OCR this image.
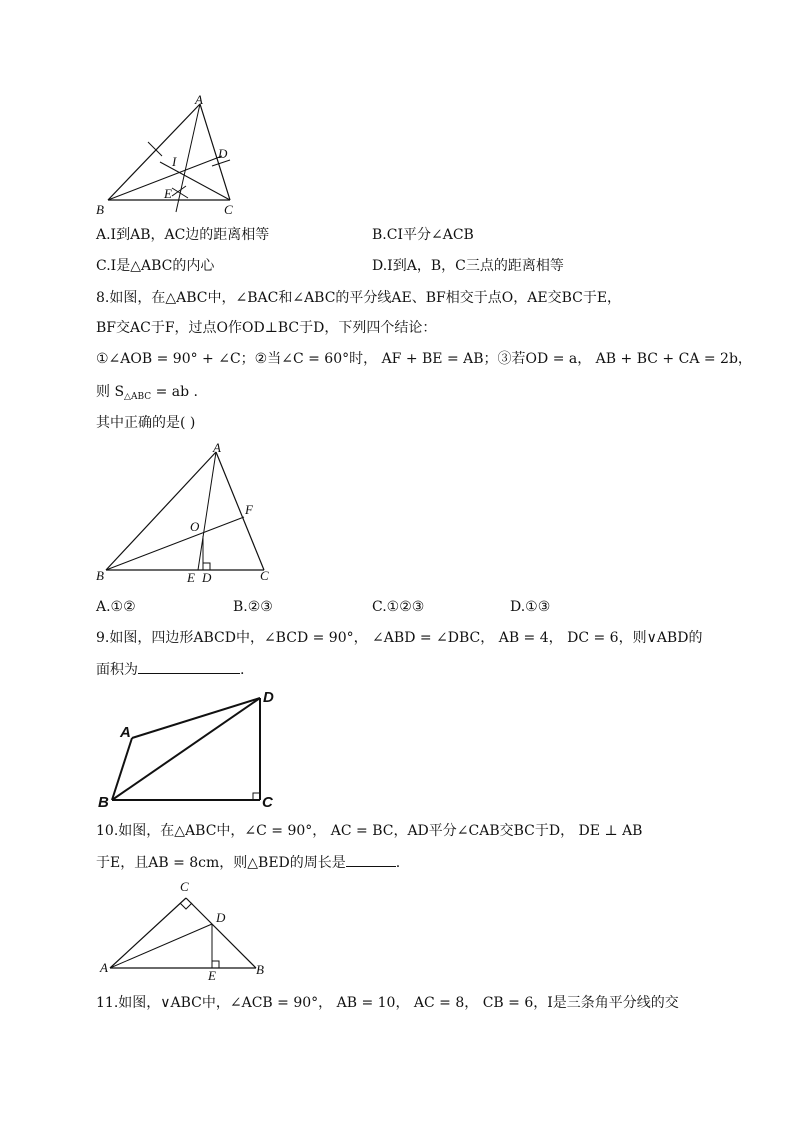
A
B	C
D
E
I
A.I到AB，AC边的距离相等	B.CI平分∠ACB
C.I是△ABC的内心	D.I到A，B，C三点的距离相等
8.如图，在△ABC中，∠BAC和∠ABC的平分线AE、BF相交于点O，AE交BC于E，
BF交AC于F，过点O作OD⊥BC于D，下列四个结论：
①∠AOB = 90° + ∠C；②当∠C = 60°时， AF + BE = AB；③若OD = a， AB + BC + CA = 2b，
则 $S_{\triangle ABC}$ = ab .
其中正确的是( )
A
B	C
D
E
F
O
A.①②	B.②③	C.①②③	D.①③
9.如图，四边形ABCD中，∠BCD = 90°， ∠ABD = ∠DBC， AB = 4， DC = 6，则∨ABD的
面积为	.
A
B	C
D
10.如图，在△ABC中，∠C = 90°， AC = BC，AD平分∠CAB交BC于D， DE ⊥ AB
于E，且AB = 8cm，则△BED的周长是	.
A	B
C
D
E
11.如图，∨ABC中，∠ACB = 90°， AB = 10， AC = 8， CB = 6，I是三条角平分线的交
